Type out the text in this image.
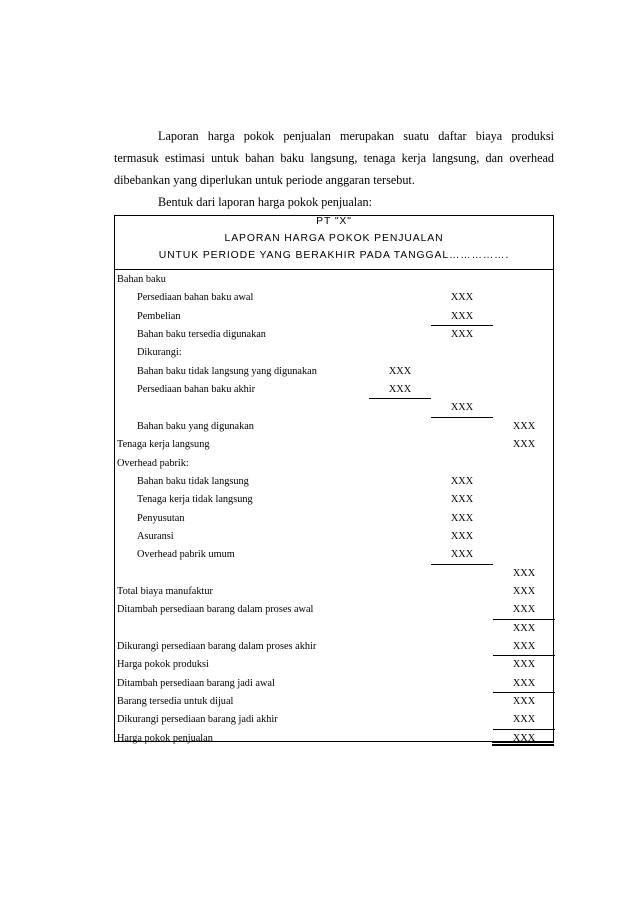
Laporan harga pokok penjualan merupakan suatu daftar biaya produksi
termasuk estimasi untuk bahan baku langsung, tenaga kerja langsung, dan overhead
dibebankan yang diperlukan untuk periode anggaran tersebut.
Bentuk dari laporan harga pokok penjualan:
PT "X"
LAPORAN HARGA POKOK PENJUALAN
UNTUK PERIODE YANG BERAKHIR PADA TANGGAL…………….
Bahan baku
Persediaan bahan baku awal	XXX
Pembelian	XXX
Bahan baku tersedia digunakan	XXX
Dikurangi:
Bahan baku tidak langsung yang digunakan	XXX
Persediaan bahan baku akhir	XXX
XXX
Bahan baku yang digunakan	XXX
Tenaga kerja langsung	XXX
Overhead pabrik:
Bahan baku tidak langsung	XXX
Tenaga kerja tidak langsung	XXX
Penyusutan	XXX
Asuransi	XXX
Overhead pabrik umum	XXX
XXX
Total biaya manufaktur	XXX
Ditambah persediaan barang dalam proses awal	XXX
XXX
Dikurangi persediaan barang dalam proses akhir	XXX
Harga pokok produksi	XXX
Ditambah persediaan barang jadi awal	XXX
Barang tersedia untuk dijual	XXX
Dikurangi persediaan barang jadi akhir	XXX
Harga pokok penjualan	XXX
